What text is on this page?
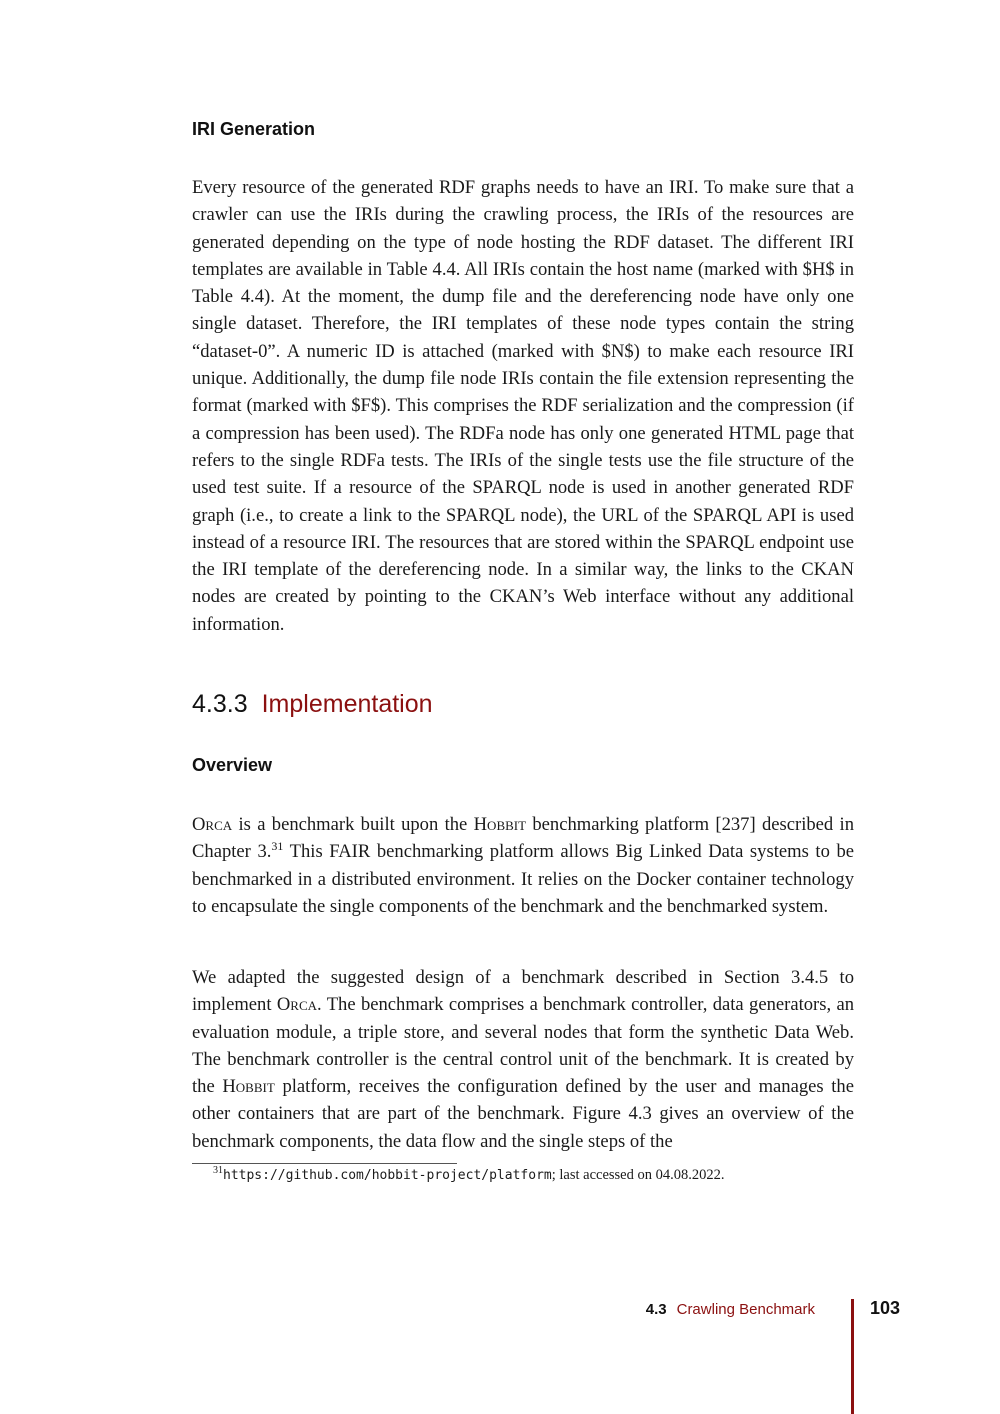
IRI Generation

Every resource of the generated RDF graphs needs to have an IRI. To make sure that a crawler can use the IRIs during the crawling process, the IRIs of the resources are generated depending on the type of node hosting the RDF dataset. The different IRI templates are available in Table 4.4. All IRIs contain the host name (marked with $H$ in Table 4.4). At the moment, the dump file and the dereferencing node have only one single dataset. Therefore, the IRI templates of these node types contain the string “dataset-0”. A numeric ID is attached (marked with $N$) to make each resource IRI unique. Additionally, the dump file node IRIs contain the file extension representing the format (marked with $F$). This comprises the RDF serialization and the compression (if a compression has been used). The RDFa node has only one generated HTML page that refers to the single RDFa tests. The IRIs of the single tests use the file structure of the used test suite. If a resource of the SPARQL node is used in another generated RDF graph (i.e., to create a link to the SPARQL node), the URL of the SPARQL API is used instead of a resource IRI. The resources that are stored within the SPARQL endpoint use the IRI template of the dereferencing node. In a similar way, the links to the CKAN nodes are created by pointing to the CKAN’s Web interface without any additional information.

4.3.3 Implementation
Overview

Orca is a benchmark built upon the Hobbit benchmarking platform [237] described in Chapter 3.31 This FAIR benchmarking platform allows Big Linked Data systems to be benchmarked in a distributed environment. It relies on the Docker container technology to encapsulate the single components of the benchmark and the benchmarked system.

We adapted the suggested design of a benchmark described in Section 3.4.5 to implement Orca. The benchmark comprises a benchmark controller, data generators, an evaluation module, a triple store, and several nodes that form the synthetic Data Web. The benchmark controller is the central control unit of the benchmark. It is created by the Hobbit platform, receives the configuration defined by the user and manages the other containers that are part of the benchmark. Figure 4.3 gives an overview of the benchmark components, the data flow and the single steps of the

$^{31}$https://github.com/hobbit-project/platform; last accessed on 04.08.2022.

4.3 Crawling Benchmark	103
